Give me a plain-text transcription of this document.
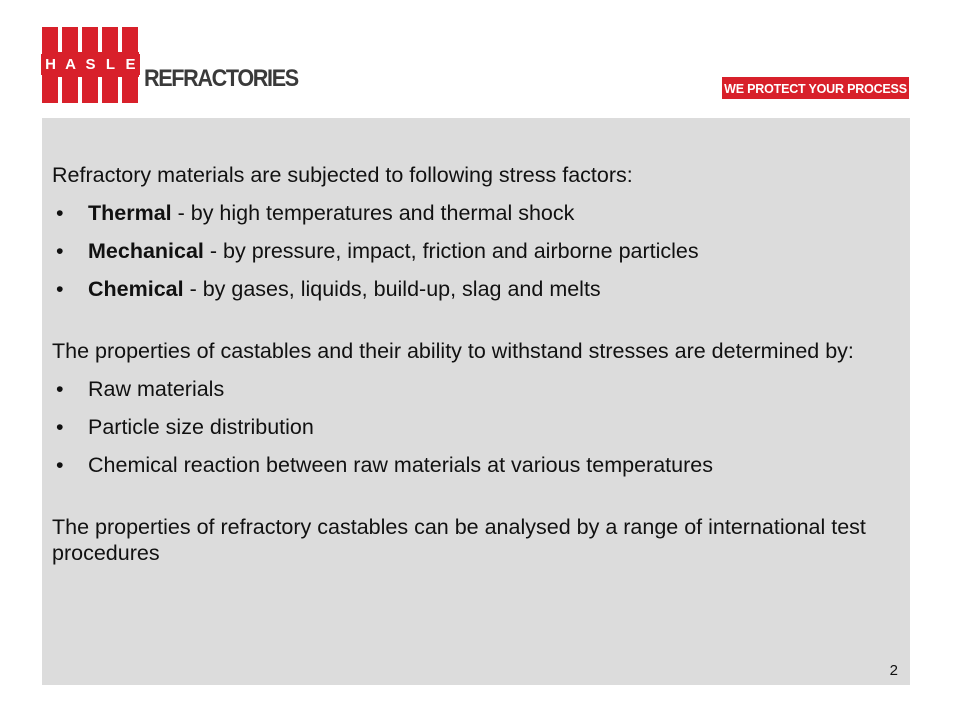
H A S L E
REFRACTORIES	WE PROTECT YOUR PROCESS

Refractory materials are subjected to following stress factors:

• Thermal - by high temperatures and thermal shock

• Mechanical - by pressure, impact, friction and airborne particles

• Chemical - by gases, liquids, build-up, slag and melts

The properties of castables and their ability to withstand stresses are determined by:

• Raw materials

• Particle size distribution

• Chemical reaction between raw materials at various temperatures

The properties of refractory castables can be analysed by a range of international test procedures

2
